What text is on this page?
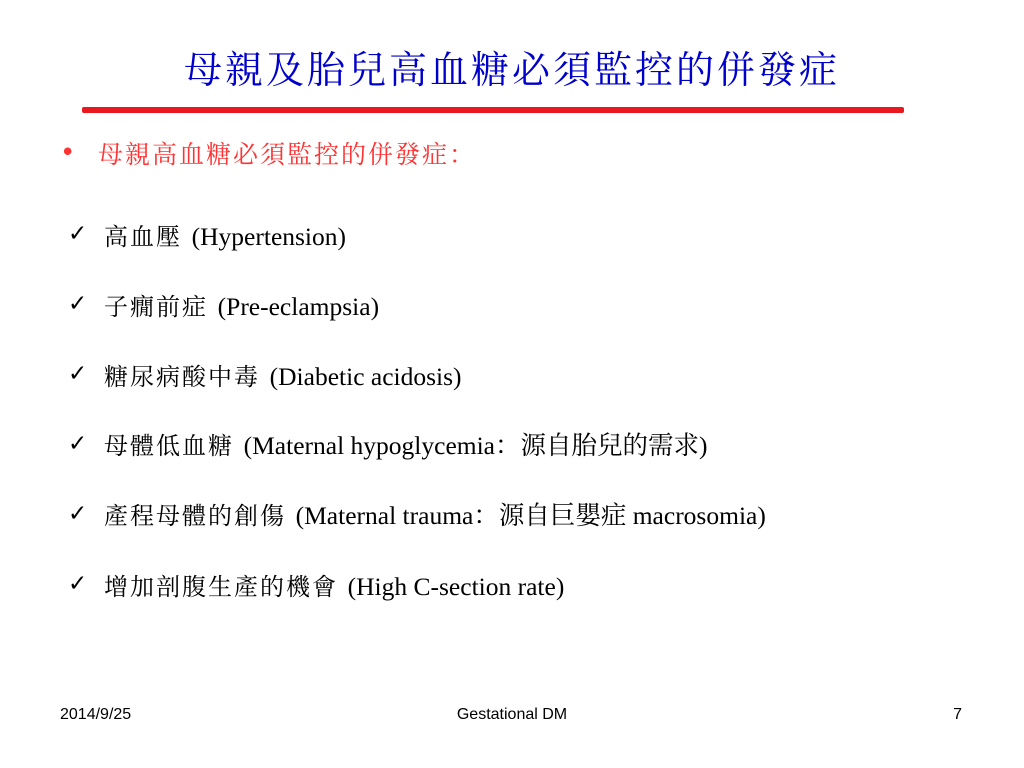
母親及胎兒高血糖必須監控的併發症
• 母親高血糖必須監控的併發症：
✓ 高血壓 (Hypertension)
✓ 子癇前症 (Pre-eclampsia)
✓ 糖尿病酸中毒 (Diabetic acidosis)
✓ 母體低血糖 (Maternal hypoglycemia：源自胎兒的需求)
✓ 產程母體的創傷 (Maternal trauma：源自巨嬰症 macrosomia)
✓ 增加剖腹生產的機會 (High C-section rate)
2014/9/25	Gestational DM	7
